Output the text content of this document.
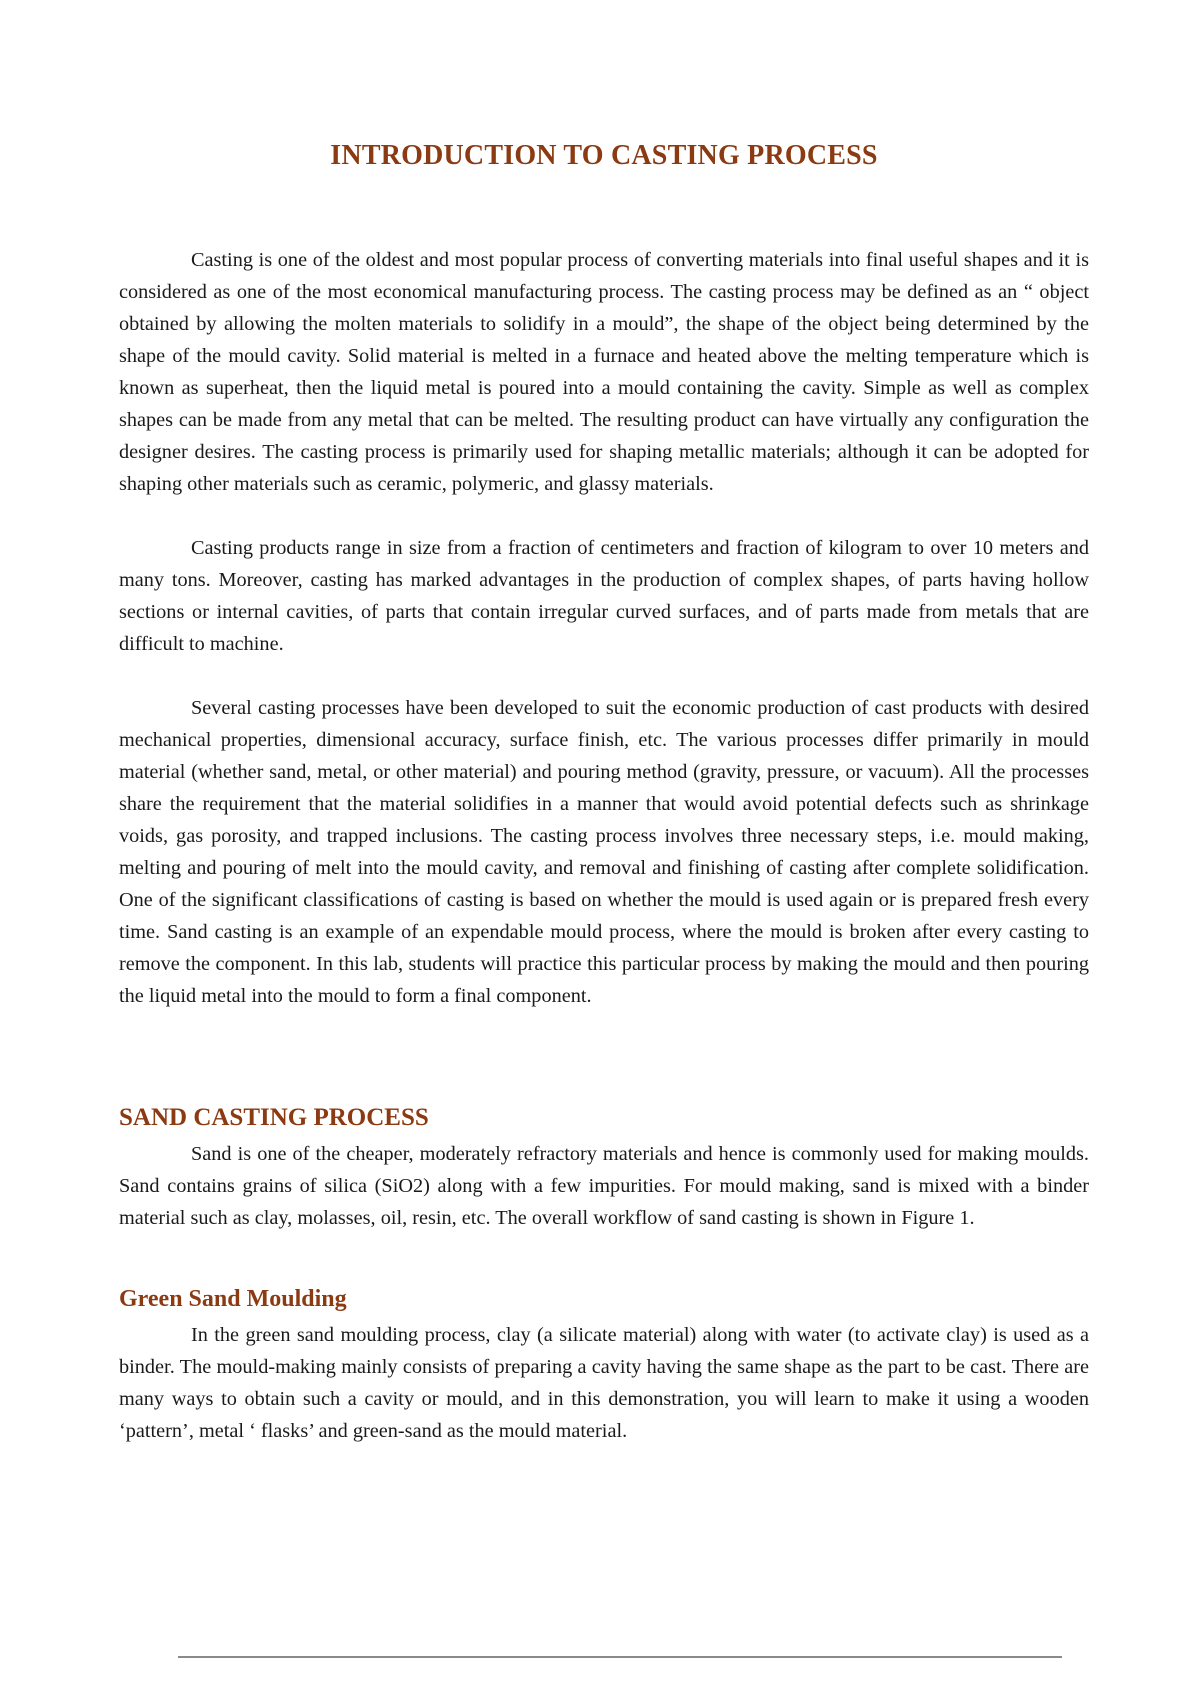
INTRODUCTION TO CASTING PROCESS

Casting is one of the oldest and most popular process of converting materials into final useful shapes and it is considered as one of the most economical manufacturing process. The casting process may be defined as an “ object obtained by allowing the molten materials to solidify in a mould”, the shape of the object being determined by the shape of the mould cavity. Solid material is melted in a furnace and heated above the melting temperature which is known as superheat, then the liquid metal is poured into a mould containing the cavity. Simple as well as complex shapes can be made from any metal that can be melted. The resulting product can have virtually any configuration the designer desires. The casting process is primarily used for shaping metallic materials; although it can be adopted for shaping other materials such as ceramic, polymeric, and glassy materials.

Casting products range in size from a fraction of centimeters and fraction of kilogram to over 10 meters and many tons. Moreover, casting has marked advantages in the production of complex shapes, of parts having hollow sections or internal cavities, of parts that contain irregular curved surfaces, and of parts made from metals that are difficult to machine.

Several casting processes have been developed to suit the economic production of cast products with desired mechanical properties, dimensional accuracy, surface finish, etc. The various processes differ primarily in mould material (whether sand, metal, or other material) and pouring method (gravity, pressure, or vacuum). All the processes share the requirement that the material solidifies in a manner that would avoid potential defects such as shrinkage voids, gas porosity, and trapped inclusions. The casting process involves three necessary steps, i.e. mould making, melting and pouring of melt into the mould cavity, and removal and finishing of casting after complete solidification. One of the significant classifications of casting is based on whether the mould is used again or is prepared fresh every time. Sand casting is an example of an expendable mould process, where the mould is broken after every casting to remove the component. In this lab, students will practice this particular process by making the mould and then pouring the liquid metal into the mould to form a final component.

SAND CASTING PROCESS

Sand is one of the cheaper, moderately refractory materials and hence is commonly used for making moulds. Sand contains grains of silica (SiO2) along with a few impurities. For mould making, sand is mixed with a binder material such as clay, molasses, oil, resin, etc. The overall workflow of sand casting is shown in Figure 1.

Green Sand Moulding

In the green sand moulding process, clay (a silicate material) along with water (to activate clay) is used as a binder. The mould-making mainly consists of preparing a cavity having the same shape as the part to be cast. There are many ways to obtain such a cavity or mould, and in this demonstration, you will learn to make it using a wooden ‘pattern’, metal ‘ flasks’ and green-sand as the mould material.
